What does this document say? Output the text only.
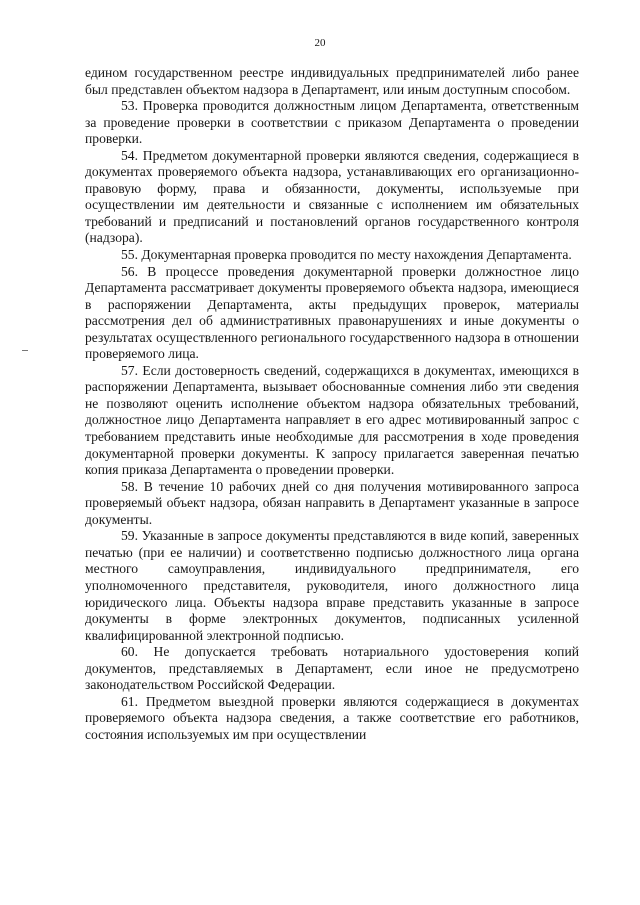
20

едином государственном реестре индивидуальных предпринимателей либо ранее был представлен объектом надзора в Департамент, или иным доступным способом.

53. Проверка проводится должностным лицом Департамента, ответственным за проведение проверки в соответствии с приказом Департамента о проведении проверки.

54. Предметом документарной проверки являются сведения, содержащиеся в документах проверяемого объекта надзора, устанавливающих его организационно-правовую форму, права и обязанности, документы, используемые при осуществлении им деятельности и связанные с исполнением им обязательных требований и предписаний и постановлений органов государственного контроля (надзора).

55. Документарная проверка проводится по месту нахождения Департамента.

56. В процессе проведения документарной проверки должностное лицо Департамента рассматривает документы проверяемого объекта надзора, имеющиеся в распоряжении Департамента, акты предыдущих проверок, материалы рассмотрения дел об административных правонарушениях и иные документы о результатах осуществленного регионального государственного надзора в отношении проверяемого лица.

57. Если достоверность сведений, содержащихся в документах, имеющихся в распоряжении Департамента, вызывает обоснованные сомнения либо эти сведения не позволяют оценить исполнение объектом надзора обязательных требований, должностное лицо Департамента направляет в его адрес мотивированный запрос с требованием представить иные необходимые для рассмотрения в ходе проведения документарной проверки документы. К запросу прилагается заверенная печатью копия приказа Департамента о проведении проверки.

58. В течение 10 рабочих дней со дня получения мотивированного запроса проверяемый объект надзора, обязан направить в Департамент указанные в запросе документы.

59. Указанные в запросе документы представляются в виде копий, заверенных печатью (при ее наличии) и соответственно подписью должностного лица органа местного самоуправления, индивидуального предпринимателя, его уполномоченного представителя, руководителя, иного должностного лица юридического лица. Объекты надзора вправе представить указанные в запросе документы в форме электронных документов, подписанных усиленной квалифицированной электронной подписью.

60. Не допускается требовать нотариального удостоверения копий документов, представляемых в Департамент, если иное не предусмотрено законодательством Российской Федерации.

61. Предметом выездной проверки являются содержащиеся в документах проверяемого объекта надзора сведения, а также соответствие его работников, состояния используемых им при осуществлении
